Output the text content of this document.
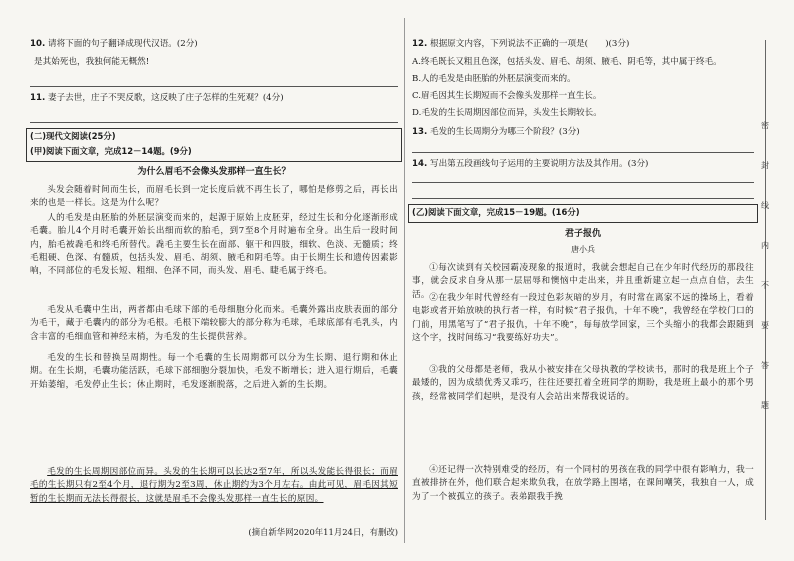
10. 请将下面的句子翻译成现代汉语。(2分)
是其始死也，我独何能无概然!
11. 妻子去世，庄子不哭反歌，这反映了庄子怎样的生死观？(4分)
(二)现代文阅读(25分)
(甲)阅读下面文章，完成12－14题。(9分)
为什么眉毛不会像头发那样一直生长？
头发会随着时间而生长，而眉毛长到一定长度后就不再生长了，哪怕是修剪之后，再长出来的也是一样长。这是为什么呢？
人的毛发是由胚胎的外胚层演变而来的，起源于原始上皮胚芽，经过生长和分化逐渐形成毛囊。胎儿4个月时毛囊开始长出细而软的胎毛，到7至8个月时遍布全身。出生后一段时间内，胎毛被毳毛和终毛所替代。毳毛主要生长在面部、躯干和四肢，细软、色淡、无髓质；终毛粗硬、色深、有髓质，包括头发、眉毛、胡须、腋毛和阴毛等。由于长期生长和遗传因素影响，不同部位的毛发长短、粗细、色泽不同，而头发、眉毛、睫毛属于终毛。
毛发从毛囊中生出，两者都由毛球下部的毛母细胞分化而来。毛囊外露出皮肤表面的部分为毛干，藏于毛囊内的部分为毛根。毛根下端较膨大的部分称为毛球，毛球底部有毛乳头，内含丰富的毛细血管和神经末梢，为毛发的生长提供营养。
毛发的生长和替换呈周期性。每一个毛囊的生长周期都可以分为生长期、退行期和休止期。在生长期，毛囊功能活跃，毛球下部细胞分裂加快，毛发不断增长；进入退行期后，毛囊开始萎缩，毛发停止生长；休止期时，毛发逐渐脱落，之后进入新的生长期。
毛发的生长周期因部位而异。头发的生长期可以长达2至7年，所以头发能长得很长；而眉毛的生长期只有2至4个月，退行期为2至3周，休止期约为3个月左右。由此可见，眉毛因其短暂的生长期而无法长得很长，这就是眉毛不会像头发那样一直生长的原因。
(摘自新华网2020年11月24日，有删改)
12. 根据原文内容，下列说法不正确的一项是(　　)(3分)
A.终毛既长又粗且色深，包括头发、眉毛、胡须、腋毛、阴毛等，其中属于终毛。
B.人的毛发是由胚胎的外胚层演变而来的。
C.眉毛因其生长期短而不会像头发那样一直生长。
D.毛发的生长周期因部位而异，头发生长期较长。
13. 毛发的生长周期分为哪三个阶段？(3分)
14. 写出第五段画线句子运用的主要说明方法及其作用。(3分)
(乙)阅读下面文章，完成15－19题。(16分)
君子报仇
唐小兵
①每次读到有关校园霸凌现象的报道时，我就会想起自己在少年时代经历的那段往事，就会反求自身从那一层屈辱和懊恼中走出来，并且重新建立起一点点自信，去生活。 ②在我少年时代曾经有一段过色彩灰暗的岁月，有时常在离家不远的操场上，看着电影或者开始放映的执行者一样，有时候“君子报仇，十年不晚”，我曾经在学校门口的门前，用黑笔写了“君子报仇，十年不晚”，每每放学回家，三个头缩小的我都会跟随到这个字，找时间练习“我要练好功夫”。
③我的父母都是老师，我从小被安排在父母执教的学校读书，那时的我是班上个子最矮的，因为成绩优秀又乖巧，往往还要扛着全班同学的期盼，我是班上最小的那个男孩，经常被同学们起哄，是没有人会站出来帮我说话的。
④还记得一次特别难受的经历，有一个同村的男孩在我的同学中很有影响力，我一直被排挤在外，他们联合起来欺负我，在放学路上围堵，在课间嘲笑，我独自一人，成为了一个被孤立的孩子。表弟跟我手挽
密
封
线
内
不
要
答
题
